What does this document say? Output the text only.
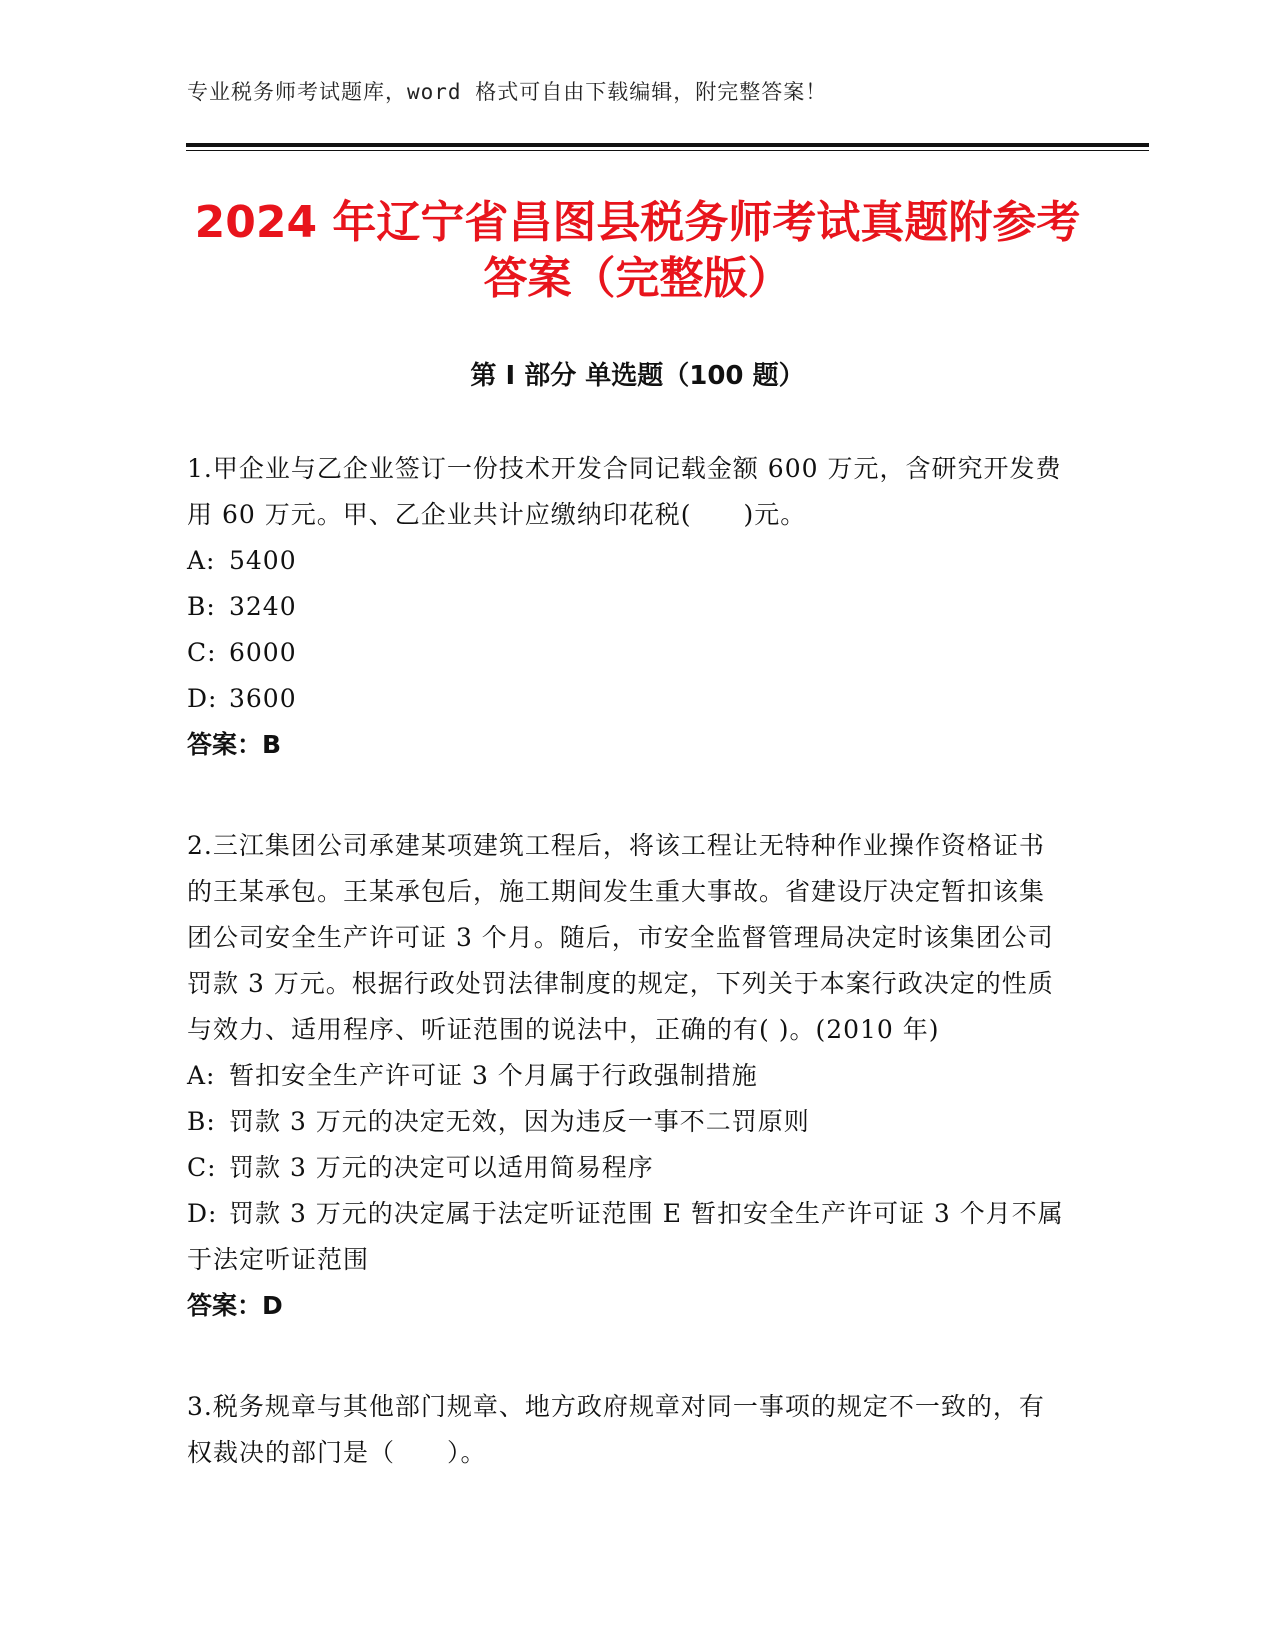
专业税务师考试题库，word 格式可自由下载编辑，附完整答案！
2024 年辽宁省昌图县税务师考试真题附参考
答案（完整版）
第 I 部分 单选题（100 题）
1.甲企业与乙企业签订一份技术开发合同记载金额 600 万元，含研究开发费用 60 万元。甲、乙企业共计应缴纳印花税(　　)元。
A: 5400
B: 3240
C: 6000
D: 3600
答案：B
2.三江集团公司承建某项建筑工程后，将该工程让无特种作业操作资格证书的王某承包。王某承包后，施工期间发生重大事故。省建设厅决定暂扣该集团公司安全生产许可证 3 个月。随后，市安全监督管理局决定时该集团公司罚款 3 万元。根据行政处罚法律制度的规定，下列关于本案行政决定的性质与效力、适用程序、听证范围的说法中，正确的有( )。(2010 年)
A: 暂扣安全生产许可证 3 个月属于行政强制措施
B: 罚款 3 万元的决定无效，因为违反一事不二罚原则
C: 罚款 3 万元的决定可以适用简易程序
D: 罚款 3 万元的决定属于法定听证范围 E 暂扣安全生产许可证 3 个月不属于法定听证范围
答案：D
3.税务规章与其他部门规章、地方政府规章对同一事项的规定不一致的，有权裁决的部门是（　　）。
